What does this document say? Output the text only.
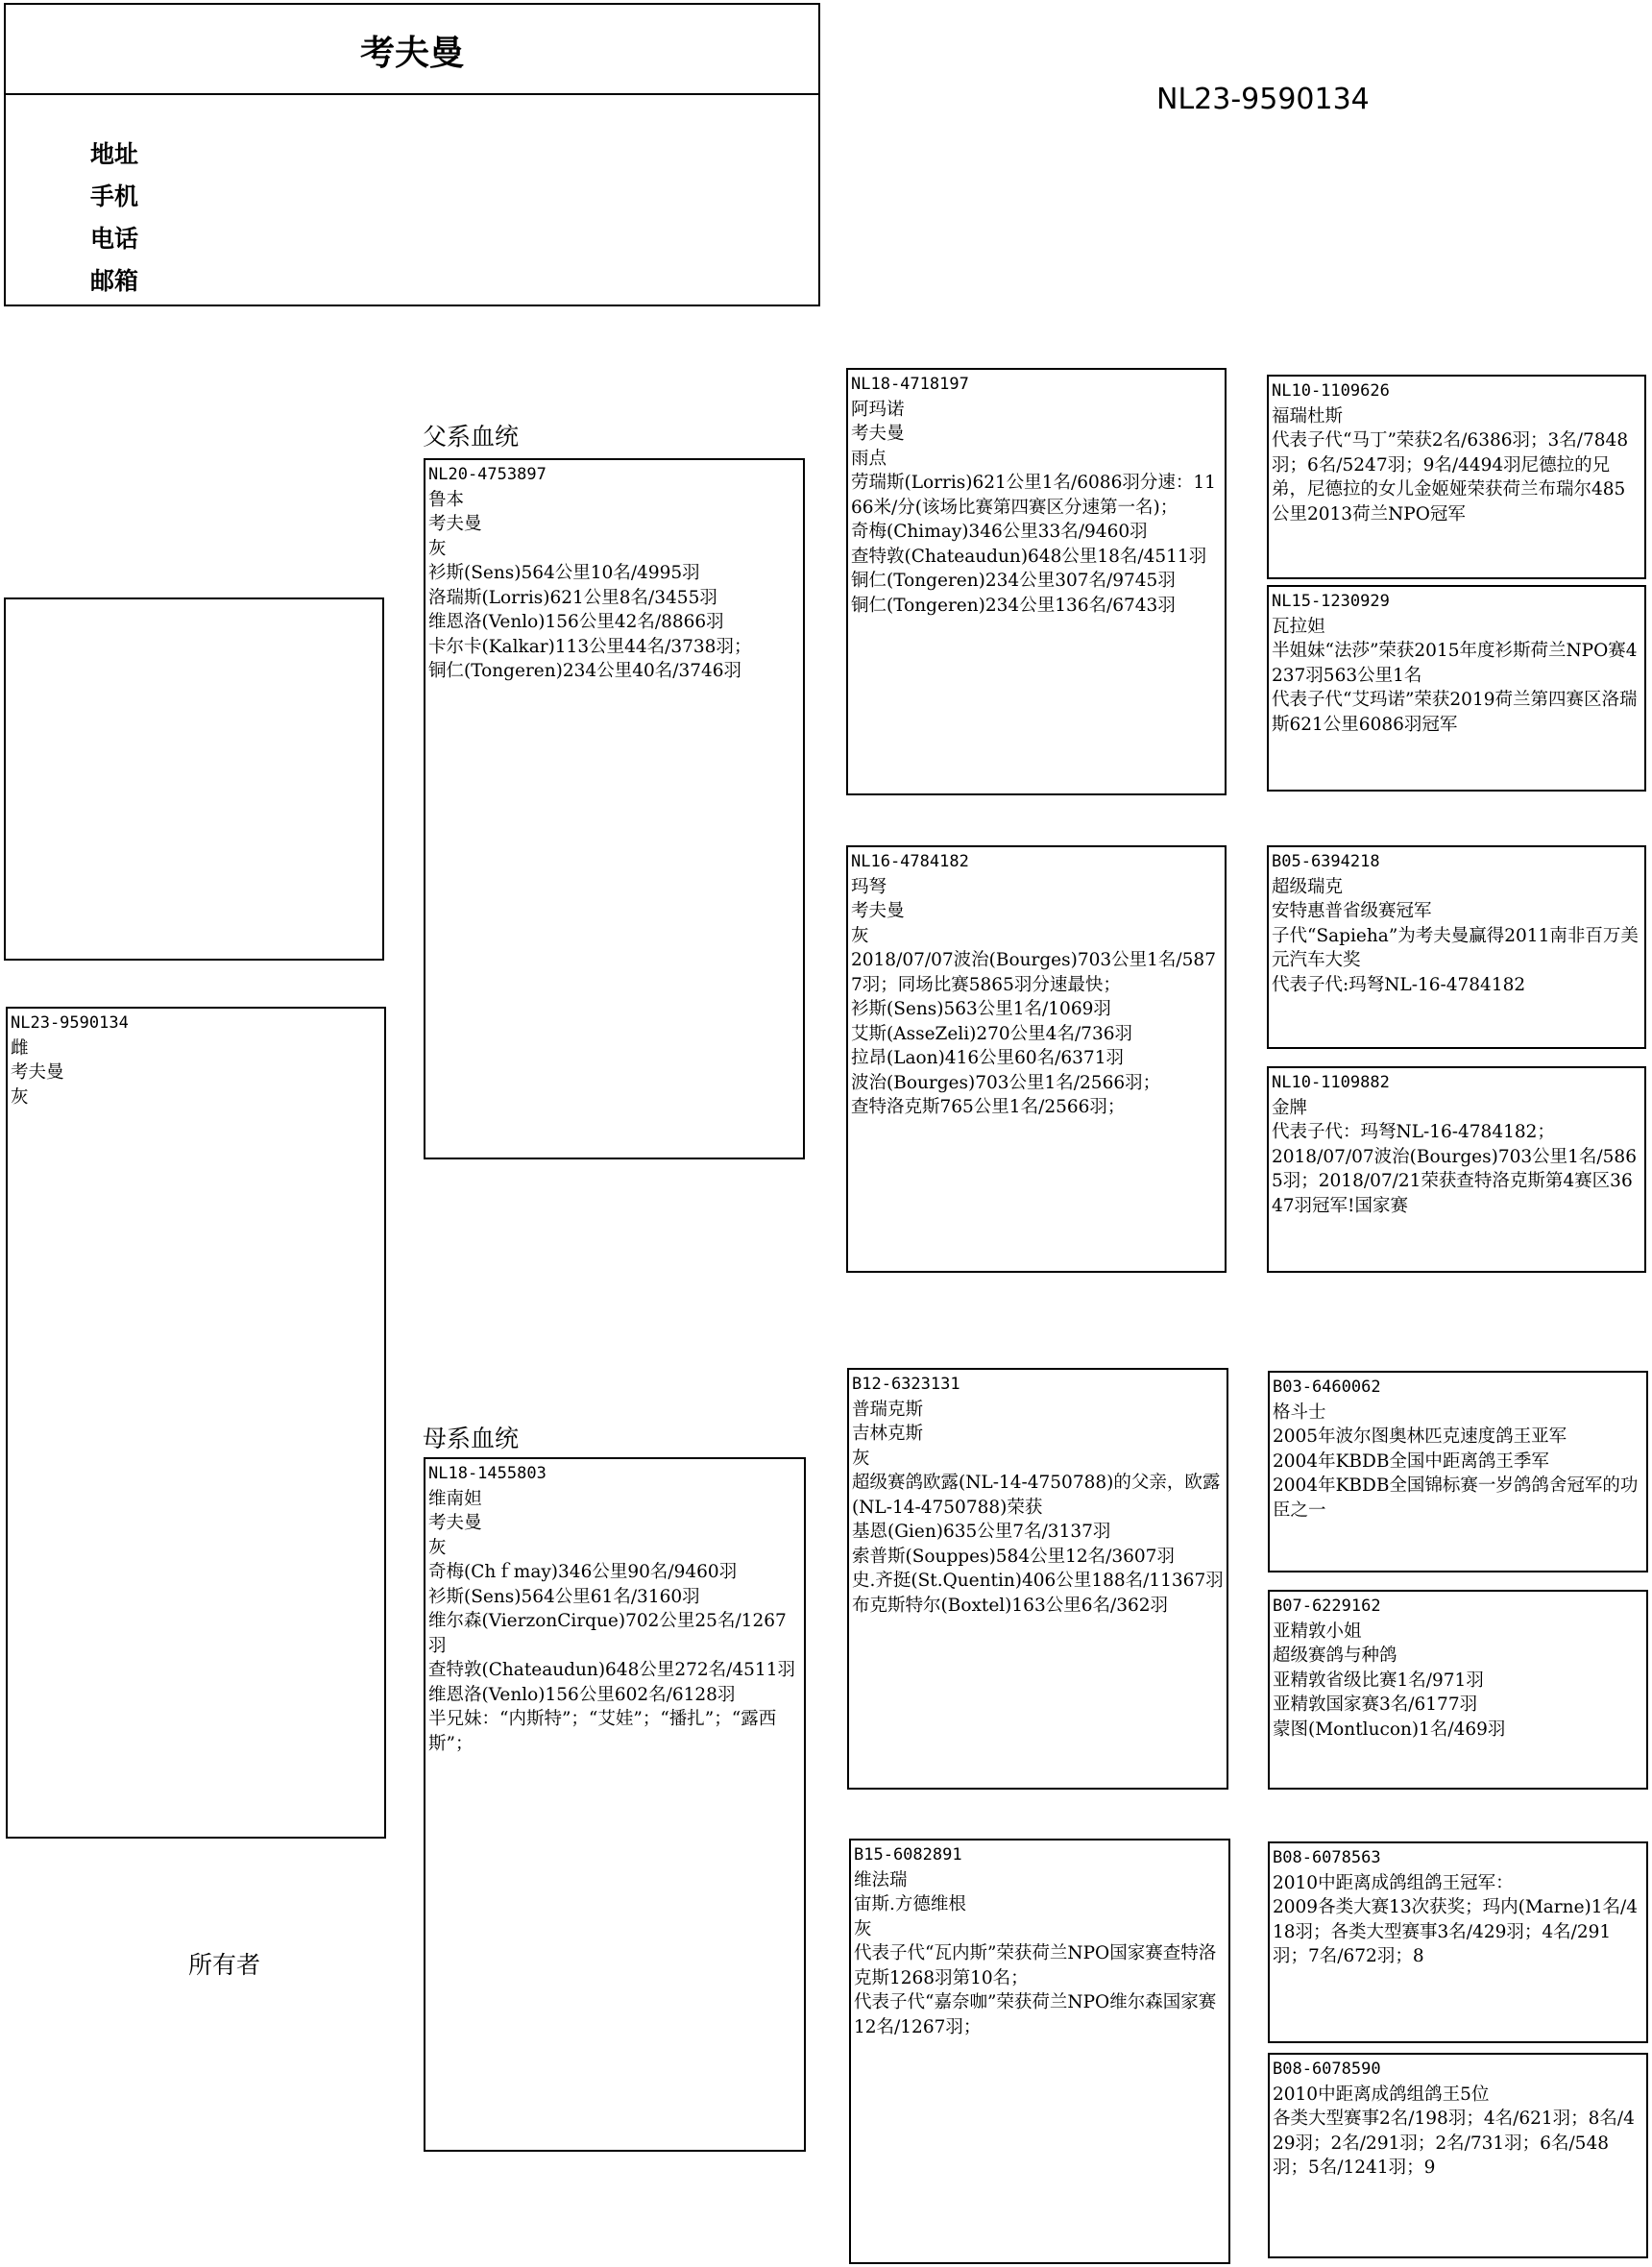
考夫曼
地址
手机
电话
邮箱
NL23-9590134
父系血统
母系血统
所有者
NL23-9590134
雌
考夫曼
灰
NL20-4753897
鲁本
考夫曼
灰
衫斯(Sens)564公里10名/4995羽
洛瑞斯(Lorris)621公里8名/3455羽
维恩洛(Venlo)156公里42名/8866羽
卡尔卡(Kalkar)113公里44名/3738羽；
铜仁(Tongeren)234公里40名/3746羽
NL18-1455803
维南妲
考夫曼
灰
奇梅(Chｆmay)346公里90名/9460羽
衫斯(Sens)564公里61名/3160羽
维尔森(VierzonCirque)702公里25名/1267羽
查特敦(Chateaudun)648公里272名/4511羽
维恩洛(Venlo)156公里602名/6128羽
半兄妹：“内斯特”；“艾娃”；“播扎”；“露西斯”；
NL18-4718197
阿玛诺
考夫曼
雨点
劳瑞斯(Lorris)621公里1名/6086羽分速：1166米/分(该场比赛第四赛区分速第一名)；
奇梅(Chimay)346公里33名/9460羽
查特敦(Chateaudun)648公里18名/4511羽
铜仁(Tongeren)234公里307名/9745羽
铜仁(Tongeren)234公里136名/6743羽
NL16-4784182
玛弩
考夫曼
灰
2018/07/07波治(Bourges)703公里1名/5877羽；同场比赛5865羽分速最快；
衫斯(Sens)563公里1名/1069羽
艾斯(AsseZeli)270公里4名/736羽
拉昂(Laon)416公里60名/6371羽
波治(Bourges)703公里1名/2566羽；
查特洛克斯765公里1名/2566羽；
B12-6323131
普瑞克斯
吉林克斯
灰
超级赛鸽欧露(NL-14-4750788)的父亲，欧露(NL-14-4750788)荣获
基恩(Gien)635公里7名/3137羽
索普斯(Souppes)584公里12名/3607羽
史.齐挺(St.Quentin)406公里188名/11367羽
布克斯特尔(Boxtel)163公里6名/362羽
B15-6082891
维法瑞
宙斯.方德维根
灰
代表子代“瓦内斯”荣获荷兰NPO国家赛查特洛克斯1268羽第10名；
代表子代“嘉奈咖”荣获荷兰NPO维尔森国家赛12名/1267羽；
NL10-1109626
福瑞杜斯
代表子代“马丁”荣获2名/6386羽；3名/7848羽；6名/5247羽；9名/4494羽尼德拉的兄弟，尼德拉的女儿金姬娅荣获荷兰布瑞尔485公里2013荷兰NPO冠军
NL15-1230929
瓦拉妲
半姐妹“法莎”荣获2015年度衫斯荷兰NPO赛4237羽563公里1名
代表子代“艾玛诺”荣获2019荷兰第四赛区洛瑞斯621公里6086羽冠军
B05-6394218
超级瑞克
安特惠普省级赛冠军
子代“Sapieha”为考夫曼赢得2011南非百万美元汽车大奖
代表子代:玛弩NL-16-4784182
NL10-1109882
金牌
代表子代：玛弩NL-16-4784182；
2018/07/07波治(Bourges)703公里1名/5865羽；2018/07/21荣获查特洛克斯第4赛区3647羽冠军!国家赛
B03-6460062
格斗士
2005年波尔图奥林匹克速度鸽王亚军
2004年KBDB全国中距离鸽王季军
2004年KBDB全国锦标赛一岁鸽鸽舍冠军的功臣之一
B07-6229162
亚精敦小姐
超级赛鸽与种鸽
亚精敦省级比赛1名/971羽
亚精敦国家赛3名/6177羽
蒙图(Montlucon)1名/469羽
B08-6078563
2010中距离成鸽组鸽王冠军：
2009各类大赛13次获奖；玛内(Marne)1名/418羽；各类大型赛事3名/429羽；4名/291羽；7名/672羽；8
B08-6078590
2010中距离成鸽组鸽王5位
各类大型赛事2名/198羽；4名/621羽；8名/429羽；2名/291羽；2名/731羽；6名/548羽；5名/1241羽；9
